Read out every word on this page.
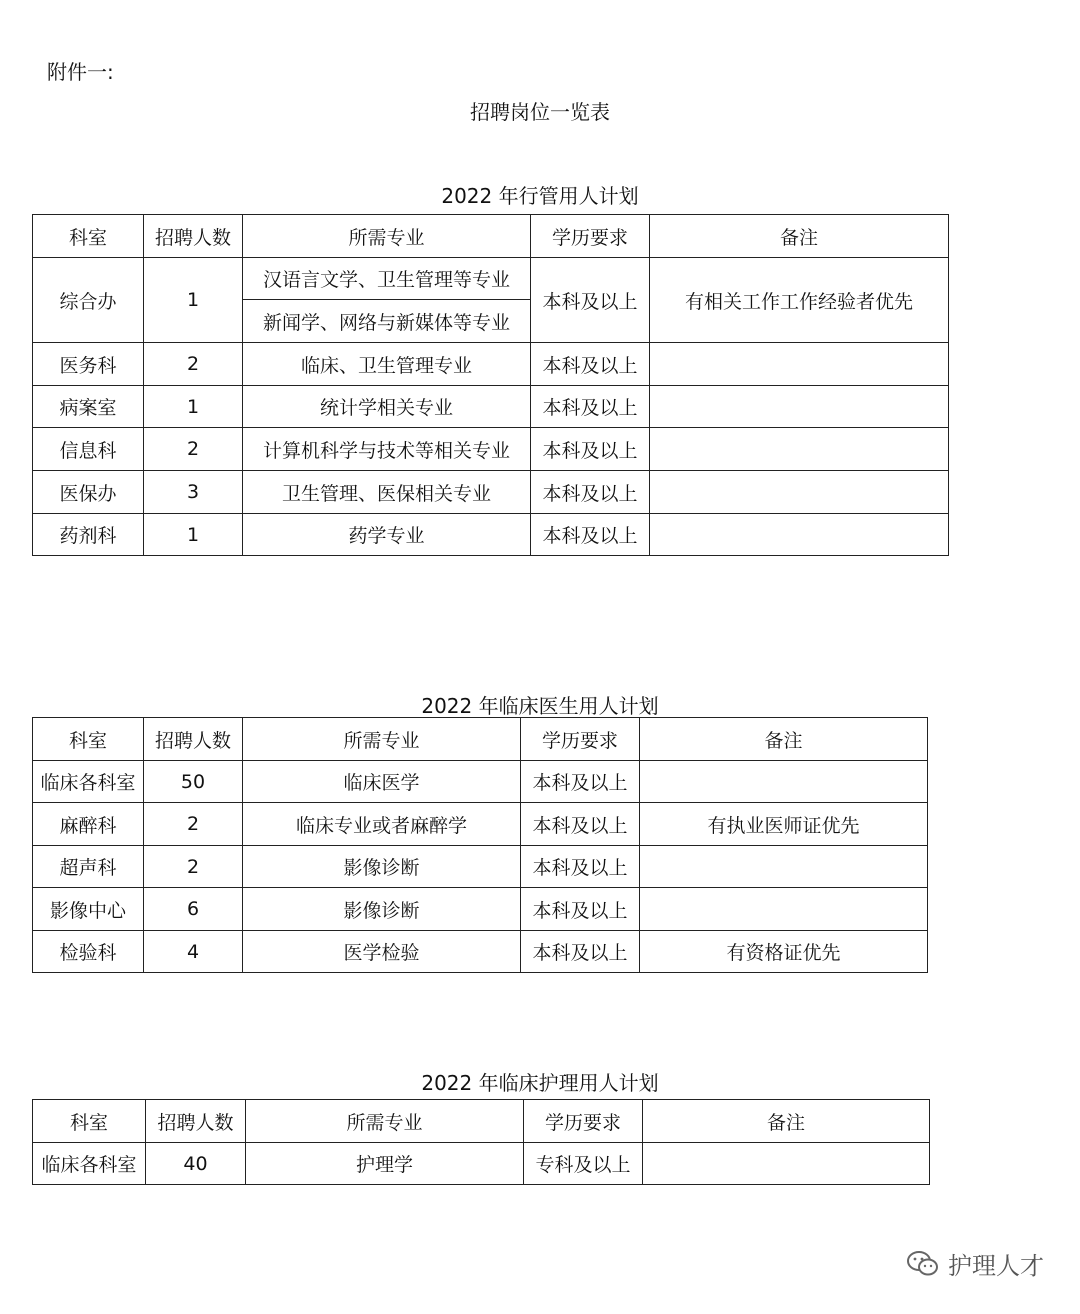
附件一:
招聘岗位一览表
2022 年行管用人计划
科室	招聘人数	所需专业	学历要求	备注
综合办	1	汉语言文学、卫生管理等专业	本科及以上	有相关工作工作经验者优先
		新闻学、网络与新媒体等专业		
医务科	2	临床、卫生管理专业	本科及以上	
病案室	1	统计学相关专业	本科及以上	
信息科	2	计算机科学与技术等相关专业	本科及以上	
医保办	3	卫生管理、医保相关专业	本科及以上	
药剂科	1	药学专业	本科及以上	
2022 年临床医生用人计划
科室	招聘人数	所需专业	学历要求	备注
临床各科室	50	临床医学	本科及以上	
麻醉科	2	临床专业或者麻醉学	本科及以上	有执业医师证优先
超声科	2	影像诊断	本科及以上	
影像中心	6	影像诊断	本科及以上	
检验科	4	医学检验	本科及以上	有资格证优先
2022 年临床护理用人计划
科室	招聘人数	所需专业	学历要求	备注
临床各科室	40	护理学	专科及以上	
护理人才
